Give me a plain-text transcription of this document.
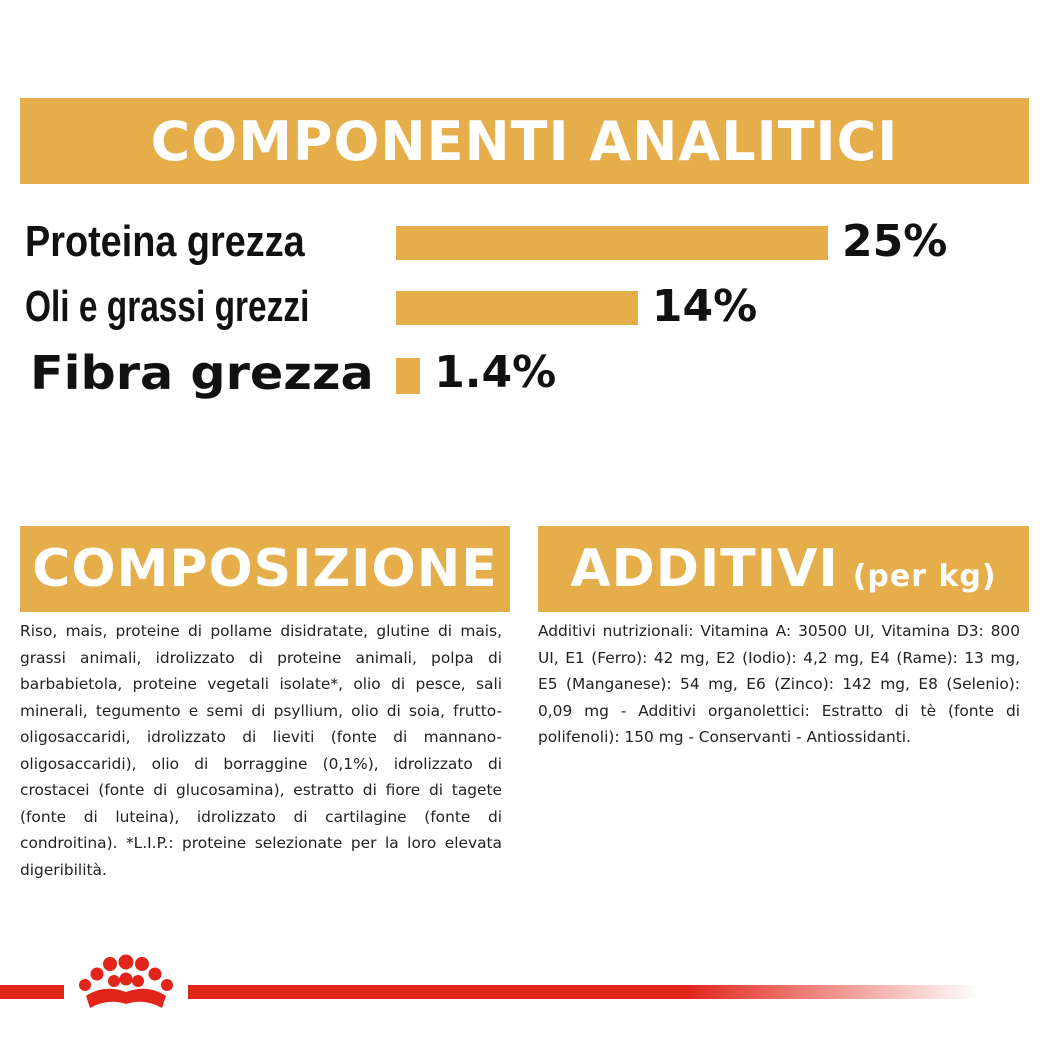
COMPONENTI ANALITICI
Proteina grezza	25%
Oli e grassi grezzi	14%
Fibra grezza	1.4%
COMPOSIZIONE ADDITIVI (per kg)
Riso, mais, proteine di pollame disidratate, glutine di mais, grassi animali, idrolizzato di proteine animali, polpa di barbabietola, proteine vegetali isolate*, olio di pesce, sali minerali, tegumento e semi di psyllium, olio di soia, frutto-oligosaccaridi, idrolizzato di lieviti (fonte di mannano-oligosaccaridi), olio di borraggine (0,1%), idrolizzato di crostacei (fonte di glucosamina), estratto di fiore di tagete (fonte di luteina), idrolizzato di cartilagine (fonte di condroitina). *L.I.P.: proteine selezionate per la loro elevata digeribilità.
Additivi nutrizionali: Vitamina A: 30500 UI, Vitamina D3: 800 UI, E1 (Ferro): 42 mg, E2 (Iodio): 4,2 mg, E4 (Rame): 13 mg, E5 (Manganese): 54 mg, E6 (Zinco): 142 mg, E8 (Selenio): 0,09 mg - Additivi organolettici: Estratto di tè (fonte di polifenoli): 150 mg - Conservanti - Antiossidanti.
